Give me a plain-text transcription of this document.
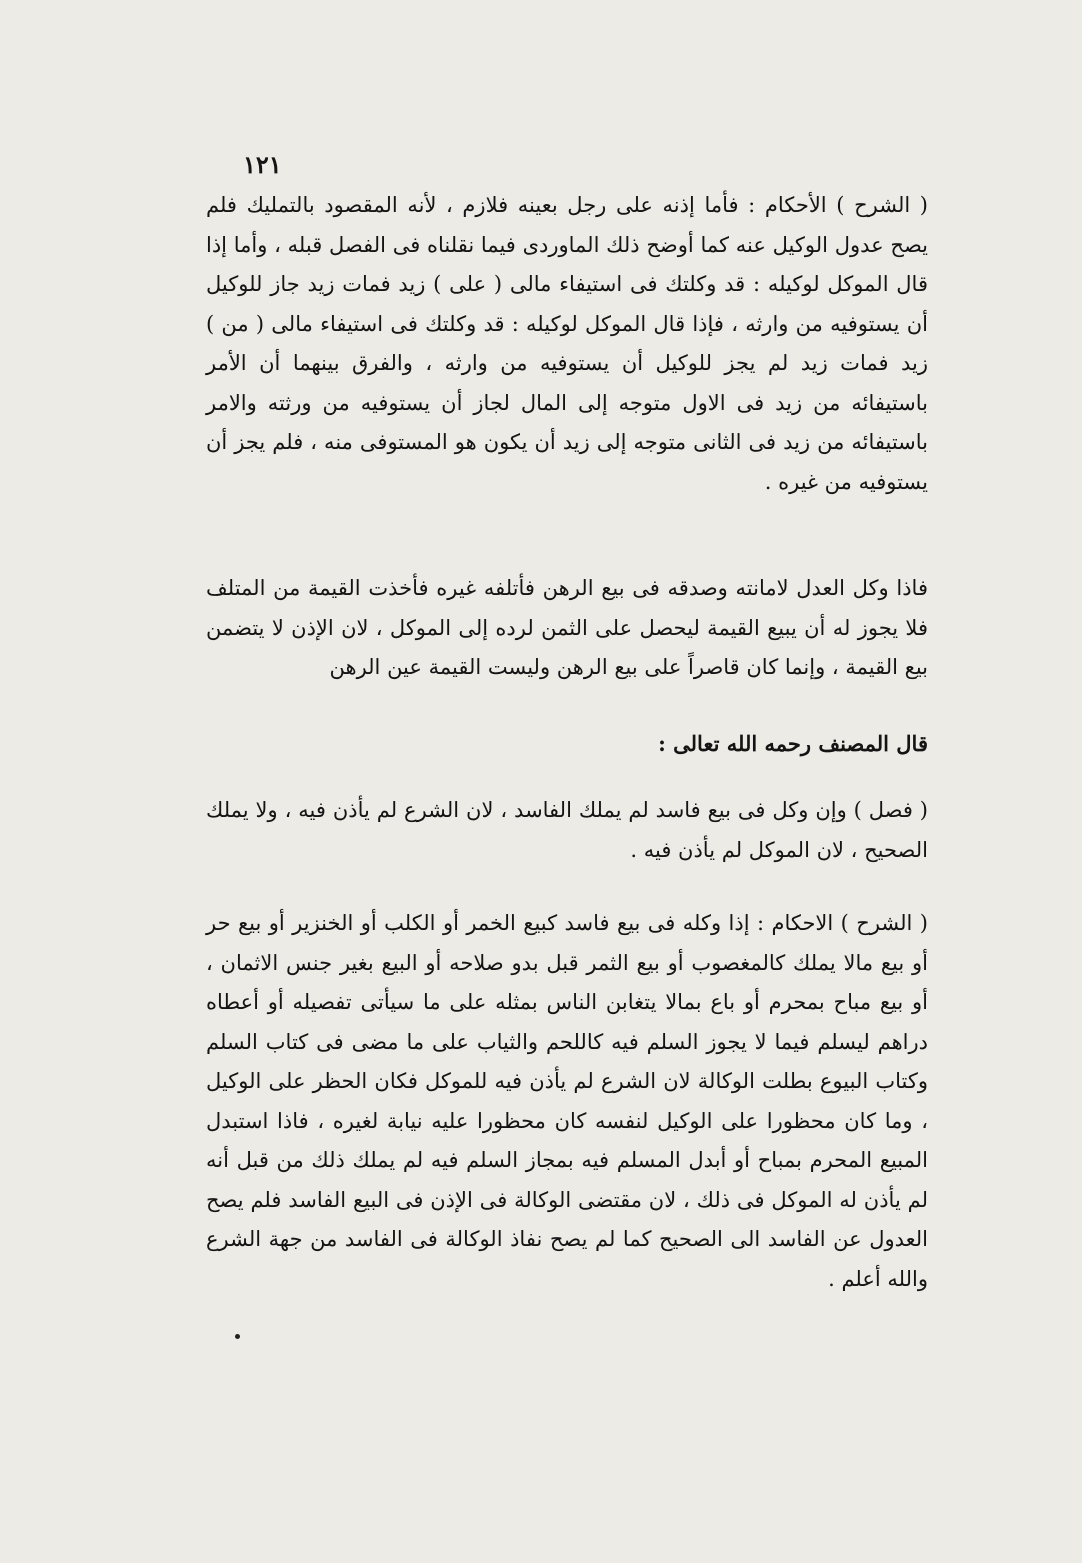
١٢١

( الشرح ) الأحكام : فأما إذنه على رجل بعينه فلازم ، لأنه المقصود بالتمليك فلم يصح عدول الوكيل عنه كما أوضح ذلك الماوردى فيما نقلناه فى الفصل قبله ، وأما إذا قال الموكل لوكيله : قد وكلتك فى استيفاء مالى ( على ) زيد فمات زيد جاز للوكيل أن يستوفيه من وارثه ، فإذا قال الموكل لوكيله : قد وكلتك فى استيفاء مالى ( من ) زيد فمات زيد لم يجز للوكيل أن يستوفيه من وارثه ، والفرق بينهما أن الأمر باستيفائه من زيد فى الاول متوجه إلى المال لجاز أن يستوفيه من ورثته والامر باستيفائه من زيد فى الثانى متوجه إلى زيد أن يكون هو المستوفى منه ، فلم يجز أن يستوفيه من غيره .

فاذا وكل العدل لامانته وصدقه فى بيع الرهن فأتلفه غيره فأخذت القيمة من المتلف فلا يجوز له أن يبيع القيمة ليحصل على الثمن لرده إلى الموكل ، لان الإذن لا يتضمن بيع القيمة ، وإنما كان قاصراً على بيع الرهن وليست القيمة عين الرهن

قال المصنف رحمه الله تعالى :

( فصل ) وإن وكل فى بيع فاسد لم يملك الفاسد ، لان الشرع لم يأذن فيه ، ولا يملك الصحيح ، لان الموكل لم يأذن فيه .

( الشرح ) الاحكام : إذا وكله فى بيع فاسد كبيع الخمر أو الكلب أو الخنزير أو بيع حر أو بيع مالا يملك كالمغصوب أو بيع الثمر قبل بدو صلاحه أو البيع بغير جنس الاثمان ، أو بيع مباح بمحرم أو باع بمالا يتغابن الناس بمثله على ما سيأتى تفصيله أو أعطاه دراهم ليسلم فيما لا يجوز السلم فيه كاللحم والثياب على ما مضى فى كتاب السلم وكتاب البيوع بطلت الوكالة لان الشرع لم يأذن فيه للموكل فكان الحظر على الوكيل ، وما كان محظورا على الوكيل لنفسه كان محظورا عليه نيابة لغيره ، فاذا استبدل المبيع المحرم بمباح أو أبدل المسلم فيه بمجاز السلم فيه لم يملك ذلك من قبل أنه لم يأذن له الموكل فى ذلك ، لان مقتضى الوكالة فى الإذن فى البيع الفاسد فلم يصح العدول عن الفاسد الى الصحيح كما لم يصح نفاذ الوكالة فى الفاسد من جهة الشرع والله أعلم .
